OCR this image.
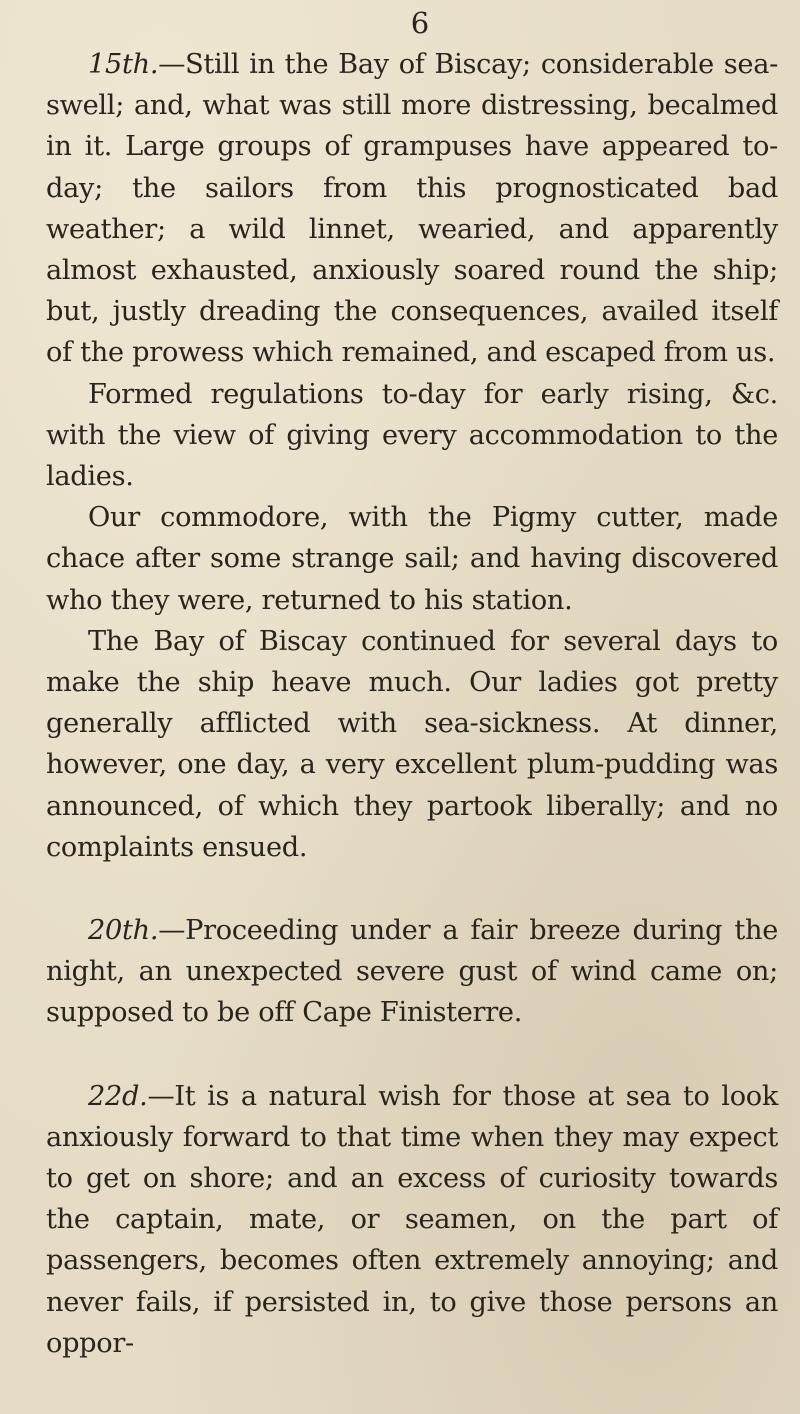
6

15th.—Still in the Bay of Biscay; considerable sea-swell; and, what was still more distressing, becalmed in it. Large groups of grampuses have appeared to-day; the sailors from this prognosticated bad weather; a wild linnet, wearied, and apparently almost exhausted, anxiously soared round the ship; but, justly dreading the consequences, availed itself of the prowess which remained, and escaped from us.

Formed regulations to-day for early rising, &c. with the view of giving every accommodation to the ladies.

Our commodore, with the Pigmy cutter, made chace after some strange sail; and having discovered who they were, returned to his station.

The Bay of Biscay continued for several days to make the ship heave much. Our ladies got pretty generally afflicted with sea-sickness. At dinner, however, one day, a very excellent plum-pudding was announced, of which they partook liberally; and no complaints ensued.

20th.—Proceeding under a fair breeze during the night, an unexpected severe gust of wind came on; supposed to be off Cape Finisterre.

22d.—It is a natural wish for those at sea to look anxiously forward to that time when they may expect to get on shore; and an excess of curiosity towards the captain, mate, or seamen, on the part of passengers, becomes often extremely annoying; and never fails, if persisted in, to give those persons an oppor-
